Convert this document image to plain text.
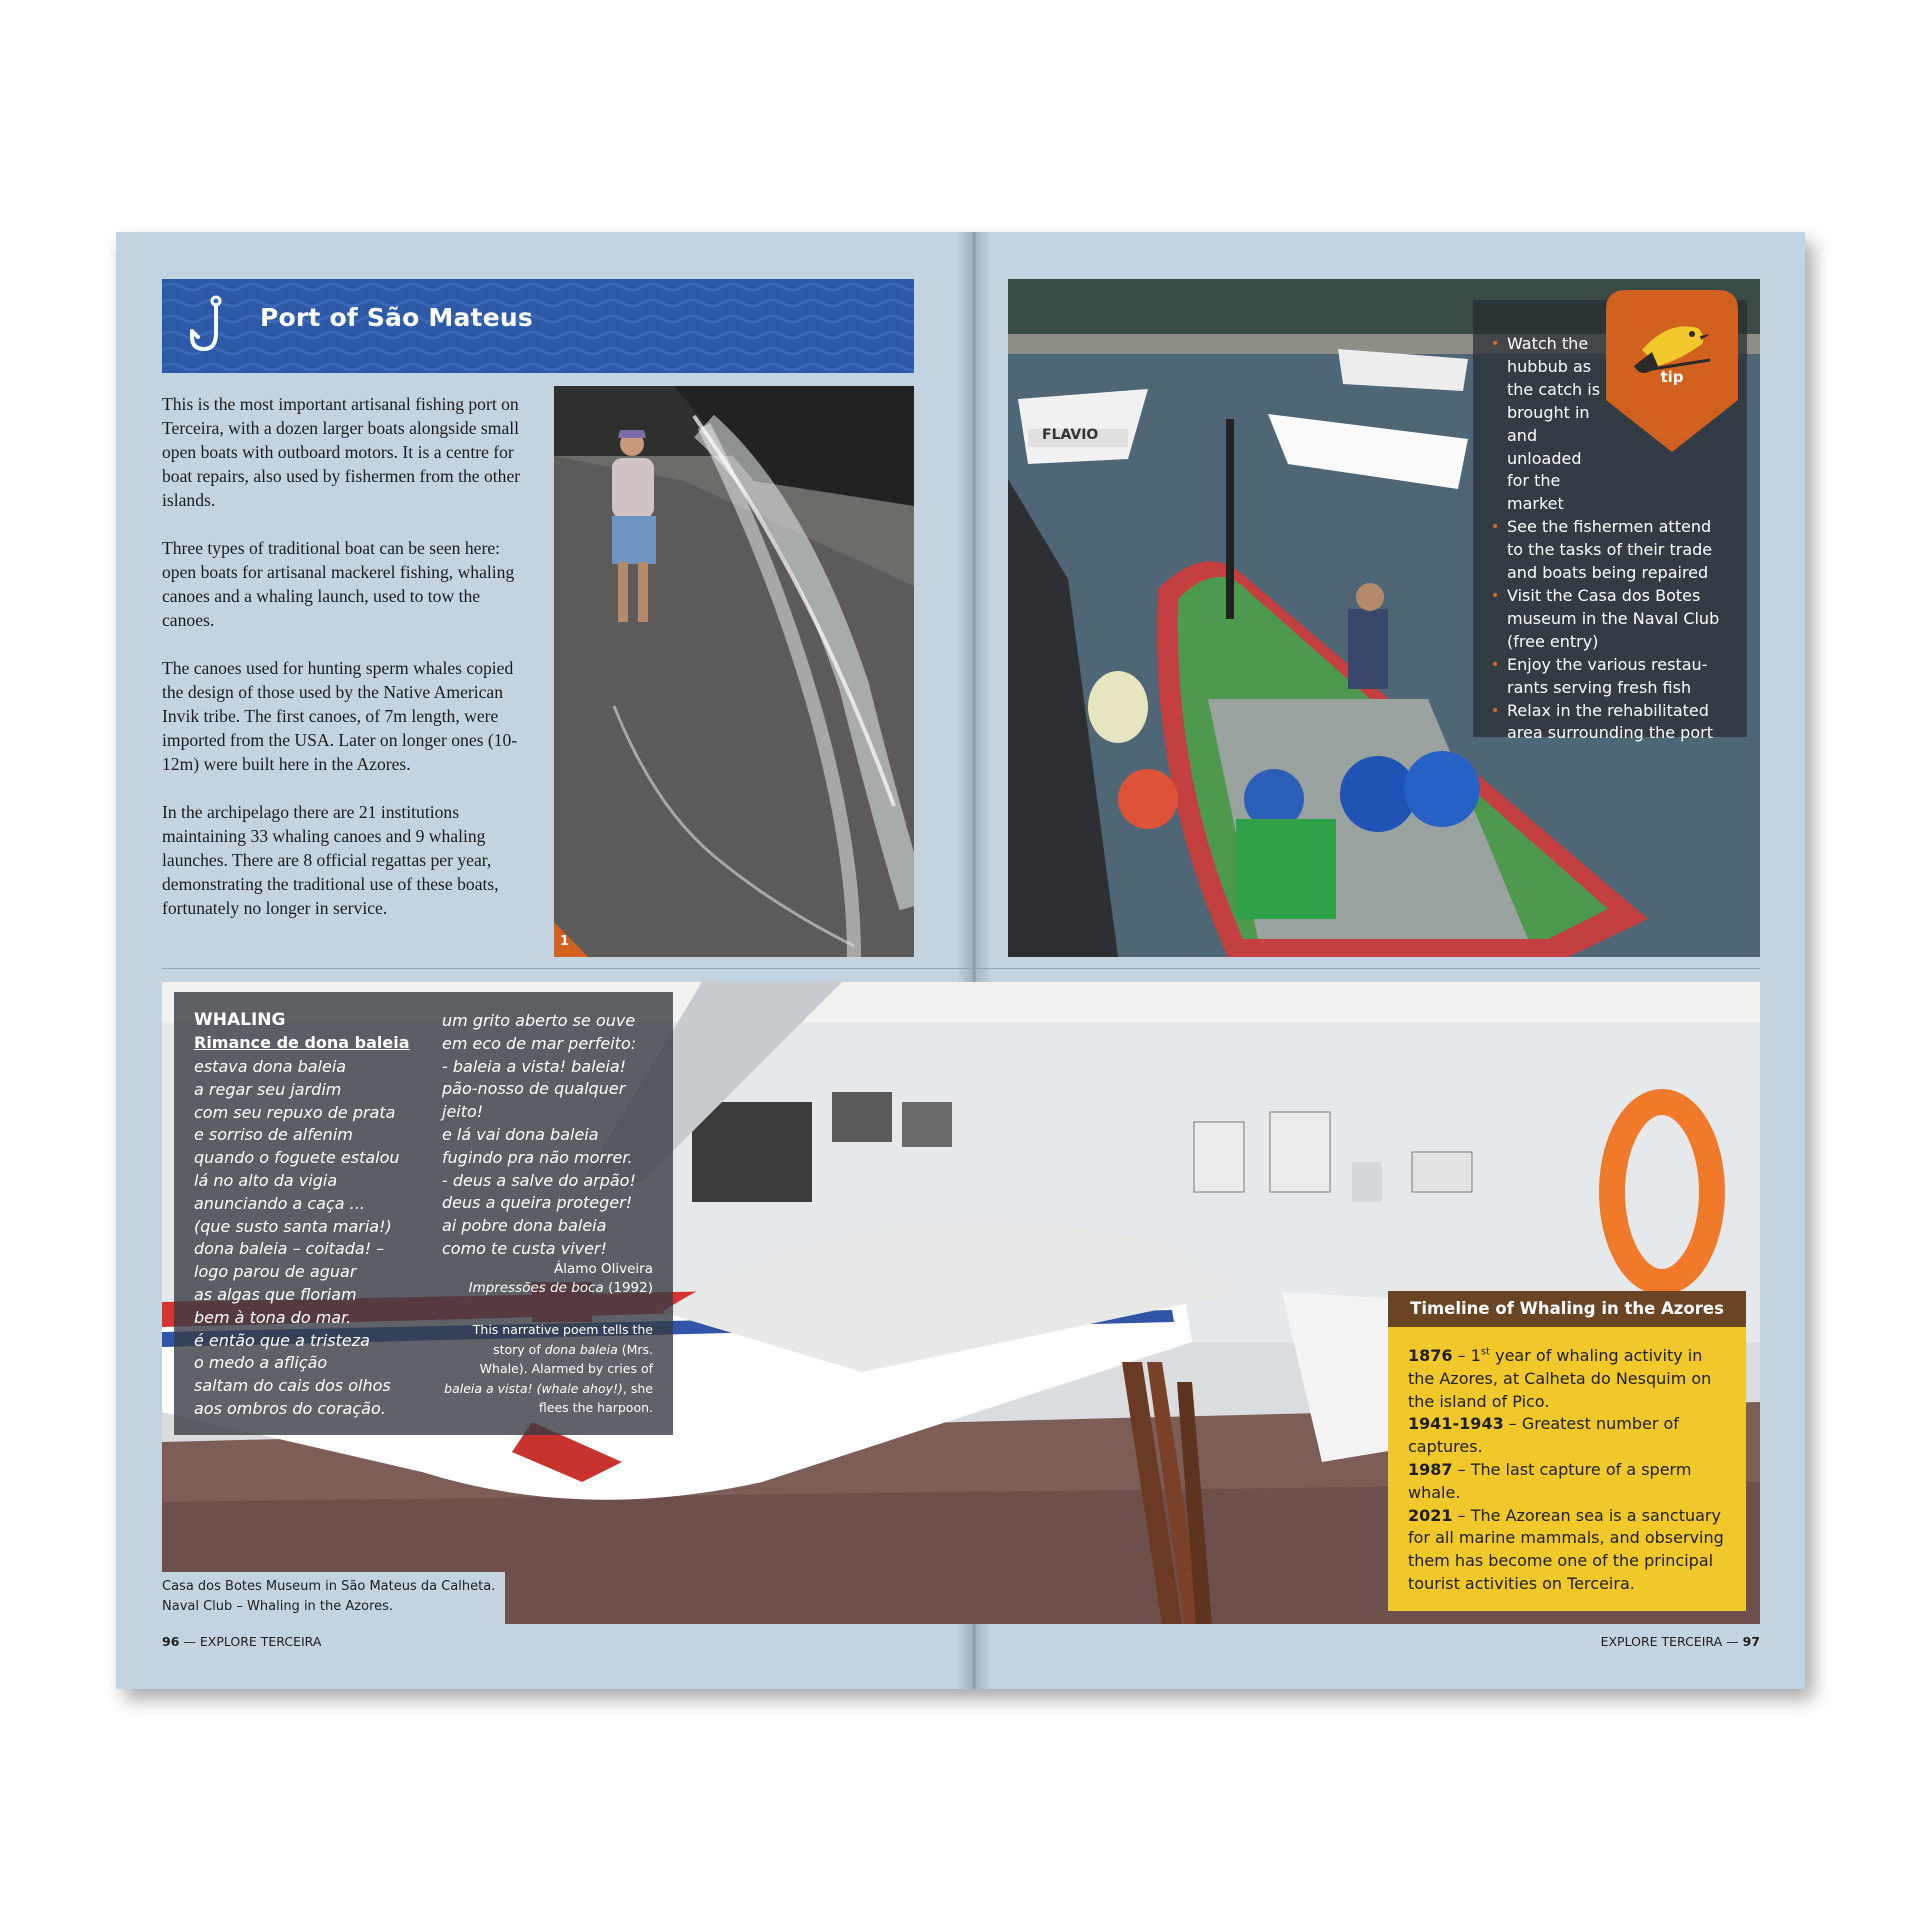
Port of São Mateus

This is the most important artisanal fishing port on Terceira, with a dozen larger boats alongside small open boats with outboard motors. It is a centre for boat repairs, also used by fishermen from the other islands.

Three types of traditional boat can be seen here: open boats for artisanal mackerel fishing, whaling canoes and a whaling launch, used to tow the canoes.

The canoes used for hunting sperm whales copied the design of those used by the Native American Invik tribe. The first canoes, of 7m length, were imported from the USA. Later on longer ones (10-12m) were built here in the Azores.

In the archipelago there are 21 institutions maintaining 33 whaling canoes and 9 whaling launches. There are 8 official regattas per year, demonstrating the traditional use of these boats, fortunately no longer in service.

1
FLAVIO
• Watch the hubbub as the catch is brought in and unloaded for the market
• See the fishermen attend to the tasks of their trade and boats being repaired
• Visit the Casa dos Botes museum in the Naval Club (free entry)
• Enjoy the various restau-rants serving fresh fish
• Relax in the rehabilitated area surrounding the port
tip
WHALING
Rimance de dona baleia
estava dona baleia
a regar seu jardim
com seu repuxo de prata
e sorriso de alfenim
quando o foguete estalou
lá no alto da vigia
anunciando a caça ...
(que susto santa maria!)
dona baleia – coitada! –
logo parou de aguar
as algas que floriam
bem à tona do mar.
é então que a tristeza
o medo a aflição
saltam do cais dos olhos
aos ombros do coração.
um grito aberto se ouve
em eco de mar perfeito:
- baleia a vista! baleia!
pão-nosso de qualquer
jeito!
e lá vai dona baleia
fugindo pra não morrer.
- deus a salve do arpão!
deus a queira proteger!
ai pobre dona baleia
como te custa viver!
Álamo Oliveira
Impressões de boca (1992)
This narrative poem tells the story of dona baleia (Mrs. Whale). Alarmed by cries of baleia a vista! (whale ahoy!), she flees the harpoon.
Timeline of Whaling in the Azores
1876 – 1st year of whaling activity in the Azores, at Calheta do Nesquim on the island of Pico.
1941-1943 – Greatest number of captures.
1987 – The last capture of a sperm whale.
2021 – The Azorean sea is a sanctuary for all marine mammals, and observing them has become one of the principal tourist activities on Terceira.
Casa dos Botes Museum in São Mateus da Calheta.
Naval Club – Whaling in the Azores.
96 — EXPLORE TERCEIRA	EXPLORE TERCEIRA — 97
